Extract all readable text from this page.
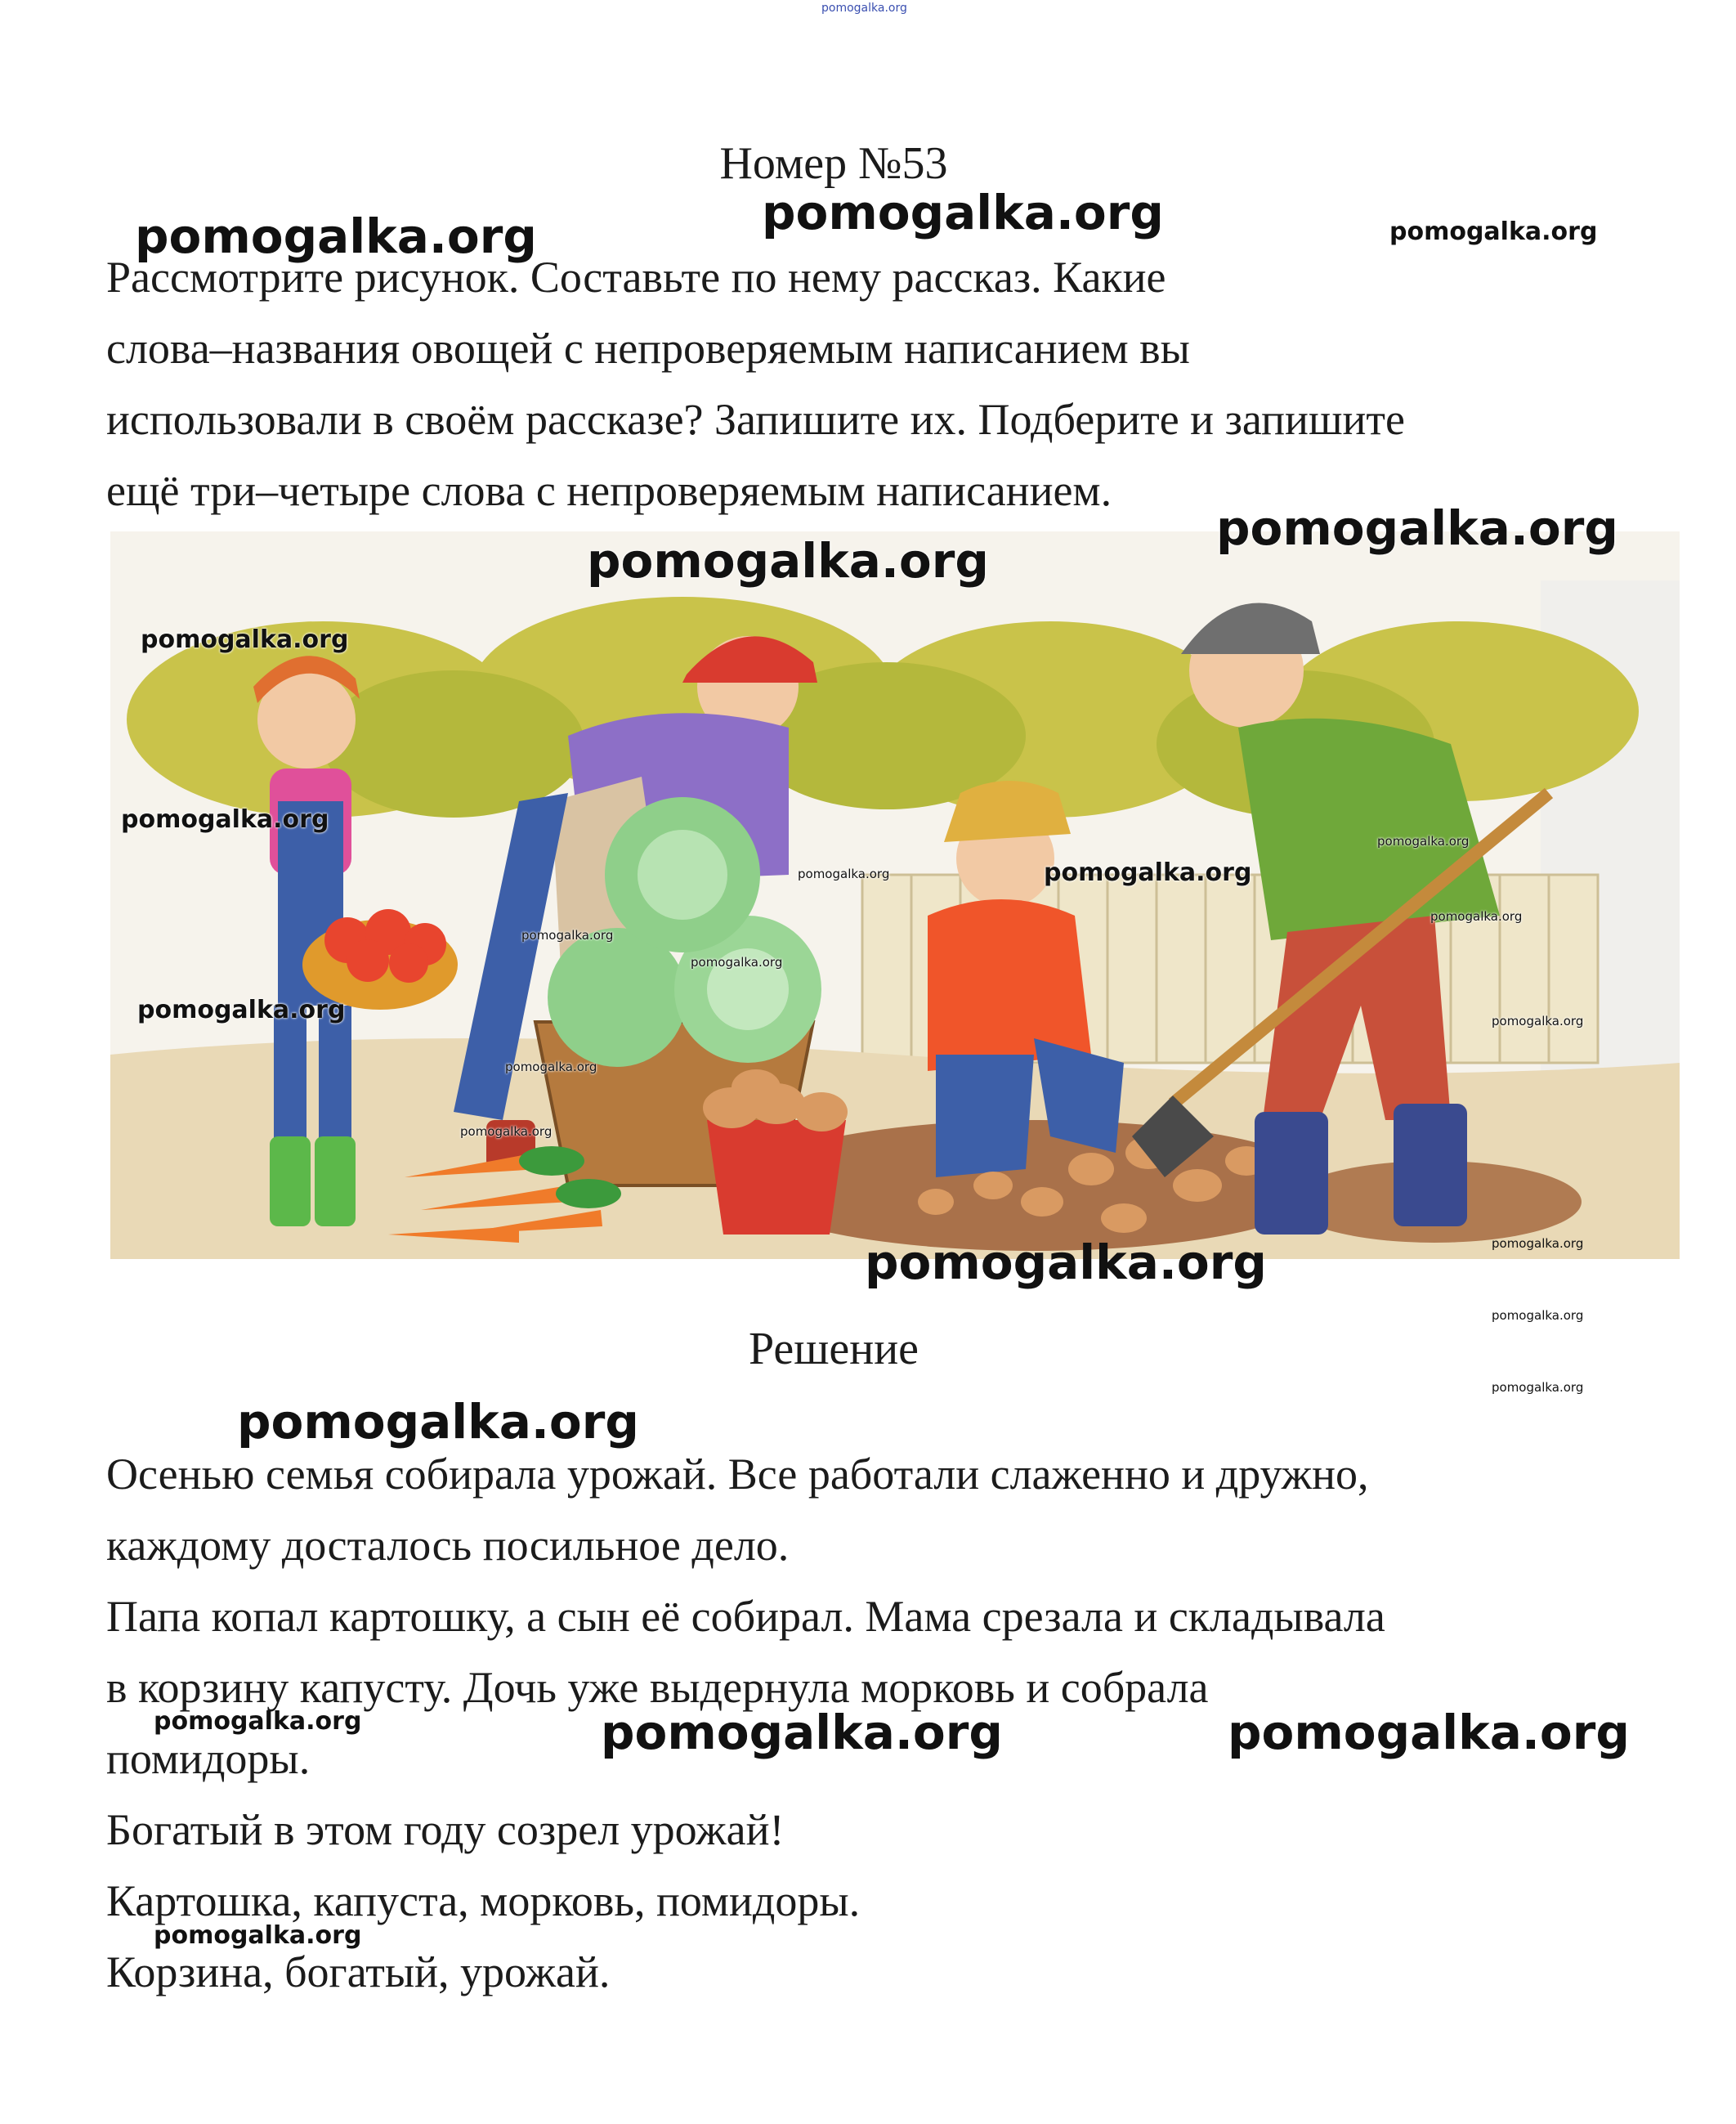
pomogalka.org
Номер №53
Рассмотрите рисунок. Составьте по нему рассказ. Какие
слова–названия овощей с непроверяемым написанием вы
использовали в своём рассказе? Запишите их. Подберите и запишите
ещё три–четыре слова с непроверяемым написанием.
Решение
Осенью семья собирала урожай. Все работали слаженно и дружно,
каждому досталось посильное дело.
Папа копал картошку, а сын её собирал. Мама срезала и складывала
в корзину капусту. Дочь уже выдернула морковь и собрала
помидоры.
Богатый в этом году созрел урожай!
Картошка, капуста, морковь, помидоры.
Корзина, богатый, урожай.
pomogalka.org
pomogalka.org	pomogalka.org
pomogalka.org
pomogalka.org
pomogalka.org
pomogalka.org
pomogalka.org
pomogalka.org
pomogalka.org
pomogalka.org
pomogalka.org
pomogalka.org
pomogalka.org
pomogalka.org
pomogalka.org
pomogalka.org
pomogalka.org
pomogalka.org
pomogalka.org
pomogalka.org
pomogalka.org
pomogalka.org	pomogalka.org	pomogalka.org
pomogalka.org
